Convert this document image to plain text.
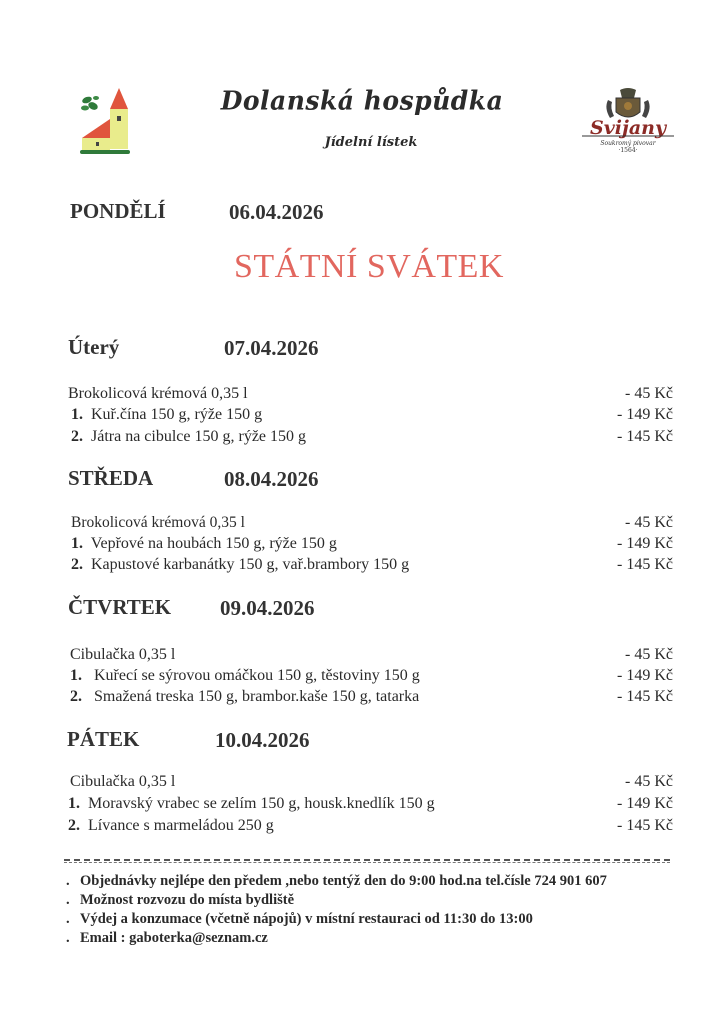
Dolanská hospůdka
Jídelní lístek
Svijany
Soukromý pivovar
·1564·
PONDĚLÍ	06.04.2026
STÁTNÍ SVÁTEK
Úterý	07.04.2026
Brokolicová krémová 0,35 l	- 45 Kč
1. Kuř.čína 150 g, rýže 150 g	- 149 Kč
2. Játra na cibulce 150 g, rýže 150 g	- 145 Kč
STŘEDA	08.04.2026
Brokolicová krémová 0,35 l	- 45 Kč
1. Vepřové na houbách 150 g, rýže 150 g	- 149 Kč
2. Kapustové karbanátky 150 g, vař.brambory 150 g	- 145 Kč
ČTVRTEK 09.04.2026
Cibulačka 0,35 l	- 45 Kč
1. Kuřecí se sýrovou omáčkou 150 g, těstoviny 150 g	- 149 Kč
2. Smažená treska 150 g, brambor.kaše 150 g, tatarka	- 145 Kč
PÁTEK	10.04.2026
Cibulačka 0,35 l	- 45 Kč
1. Moravský vrabec se zelím 150 g, housk.knedlík 150 g	- 149 Kč
2. Lívance s marmeládou 250 g	- 145 Kč
. Objednávky nejlépe den předem ,nebo tentýž den do 9:00 hod.na tel.čísle 724 901 607
. Možnost rozvozu do místa bydliště
. Výdej a konzumace (včetně nápojů) v místní restauraci od 11:30 do 13:00
. Email : gaboterka@seznam.cz
